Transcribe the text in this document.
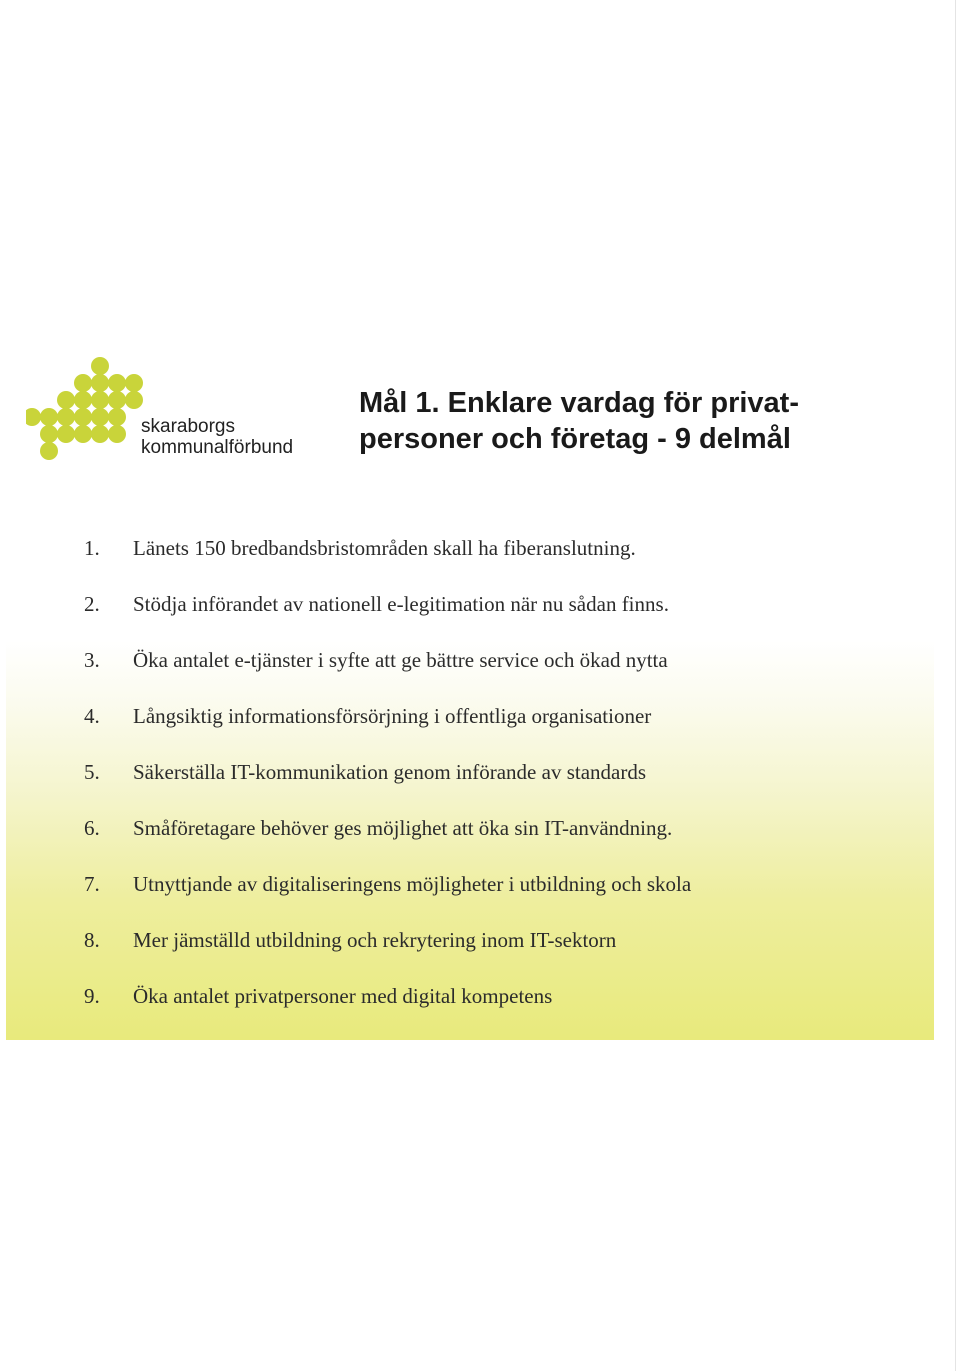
skaraborgs
kommunalförbund
Mål 1. Enklare vardag för privat-
personer och företag - 9 delmål
1.	Länets 150 bredbandsbristområden skall ha fiberanslutning.
2.	Stödja införandet av nationell e-legitimation när nu sådan finns.
3.	Öka antalet e-tjänster i syfte att ge bättre service och ökad nytta
4.	Långsiktig informationsförsörjning i offentliga organisationer
5.	Säkerställa IT-kommunikation genom införande av standards
6.	Småföretagare behöver ges möjlighet att öka sin IT-användning.
7.	Utnyttjande av digitaliseringens möjligheter i utbildning och skola
8.	Mer jämställd utbildning och rekrytering inom IT-sektorn
9.	Öka antalet privatpersoner med digital kompetens
